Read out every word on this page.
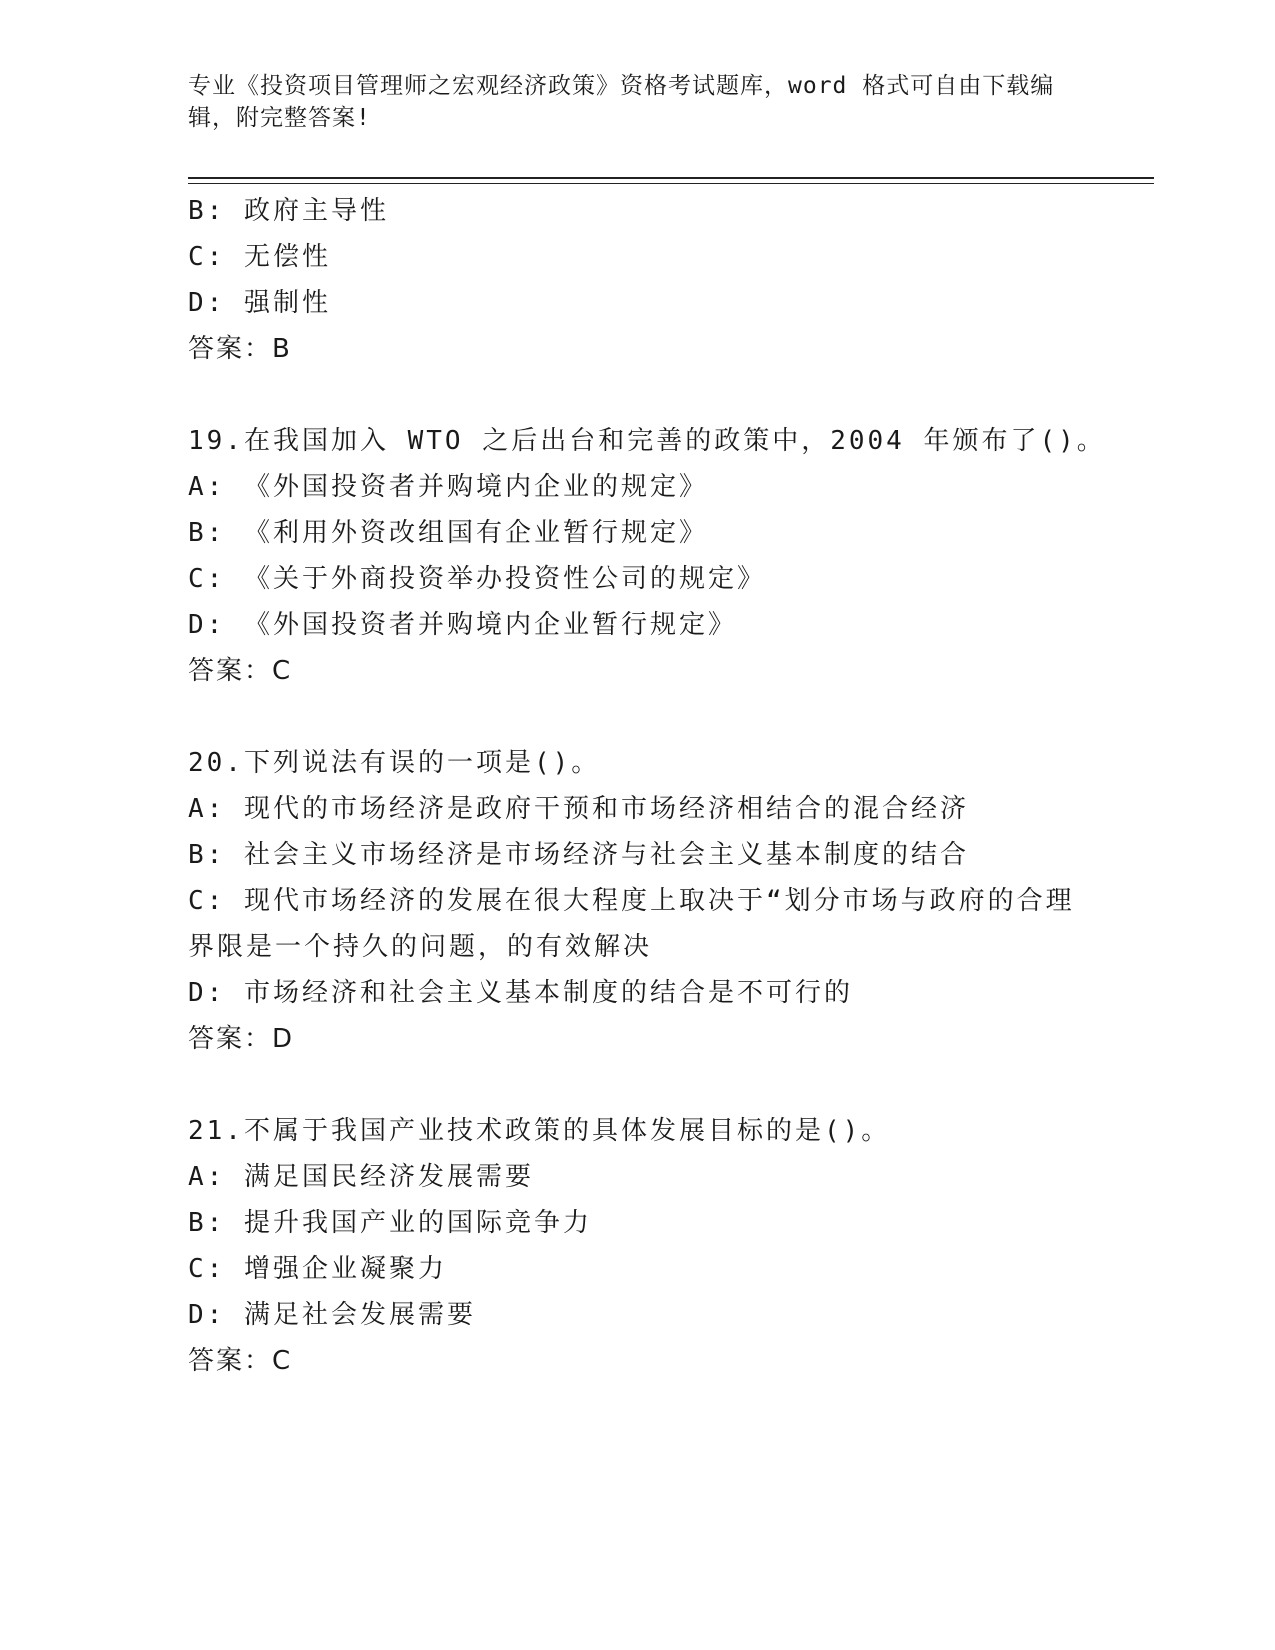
专业《投资项目管理师之宏观经济政策》资格考试题库，word 格式可自由下载编
辑，附完整答案!
B: 政府主导性
C: 无偿性
D: 强制性
答案：B
19.在我国加入 WTO 之后出台和完善的政策中，2004 年颁布了()。
A: 《外国投资者并购境内企业的规定》
B: 《利用外资改组国有企业暂行规定》
C: 《关于外商投资举办投资性公司的规定》
D: 《外国投资者并购境内企业暂行规定》
答案：C
20.下列说法有误的一项是()。
A: 现代的市场经济是政府干预和市场经济相结合的混合经济
B: 社会主义市场经济是市场经济与社会主义基本制度的结合
C: 现代市场经济的发展在很大程度上取决于“划分市场与政府的合理
界限是一个持久的问题，的有效解决
D: 市场经济和社会主义基本制度的结合是不可行的
答案：D
21.不属于我国产业技术政策的具体发展目标的是()。
A: 满足国民经济发展需要
B: 提升我国产业的国际竞争力
C: 增强企业凝聚力
D: 满足社会发展需要
答案：C
